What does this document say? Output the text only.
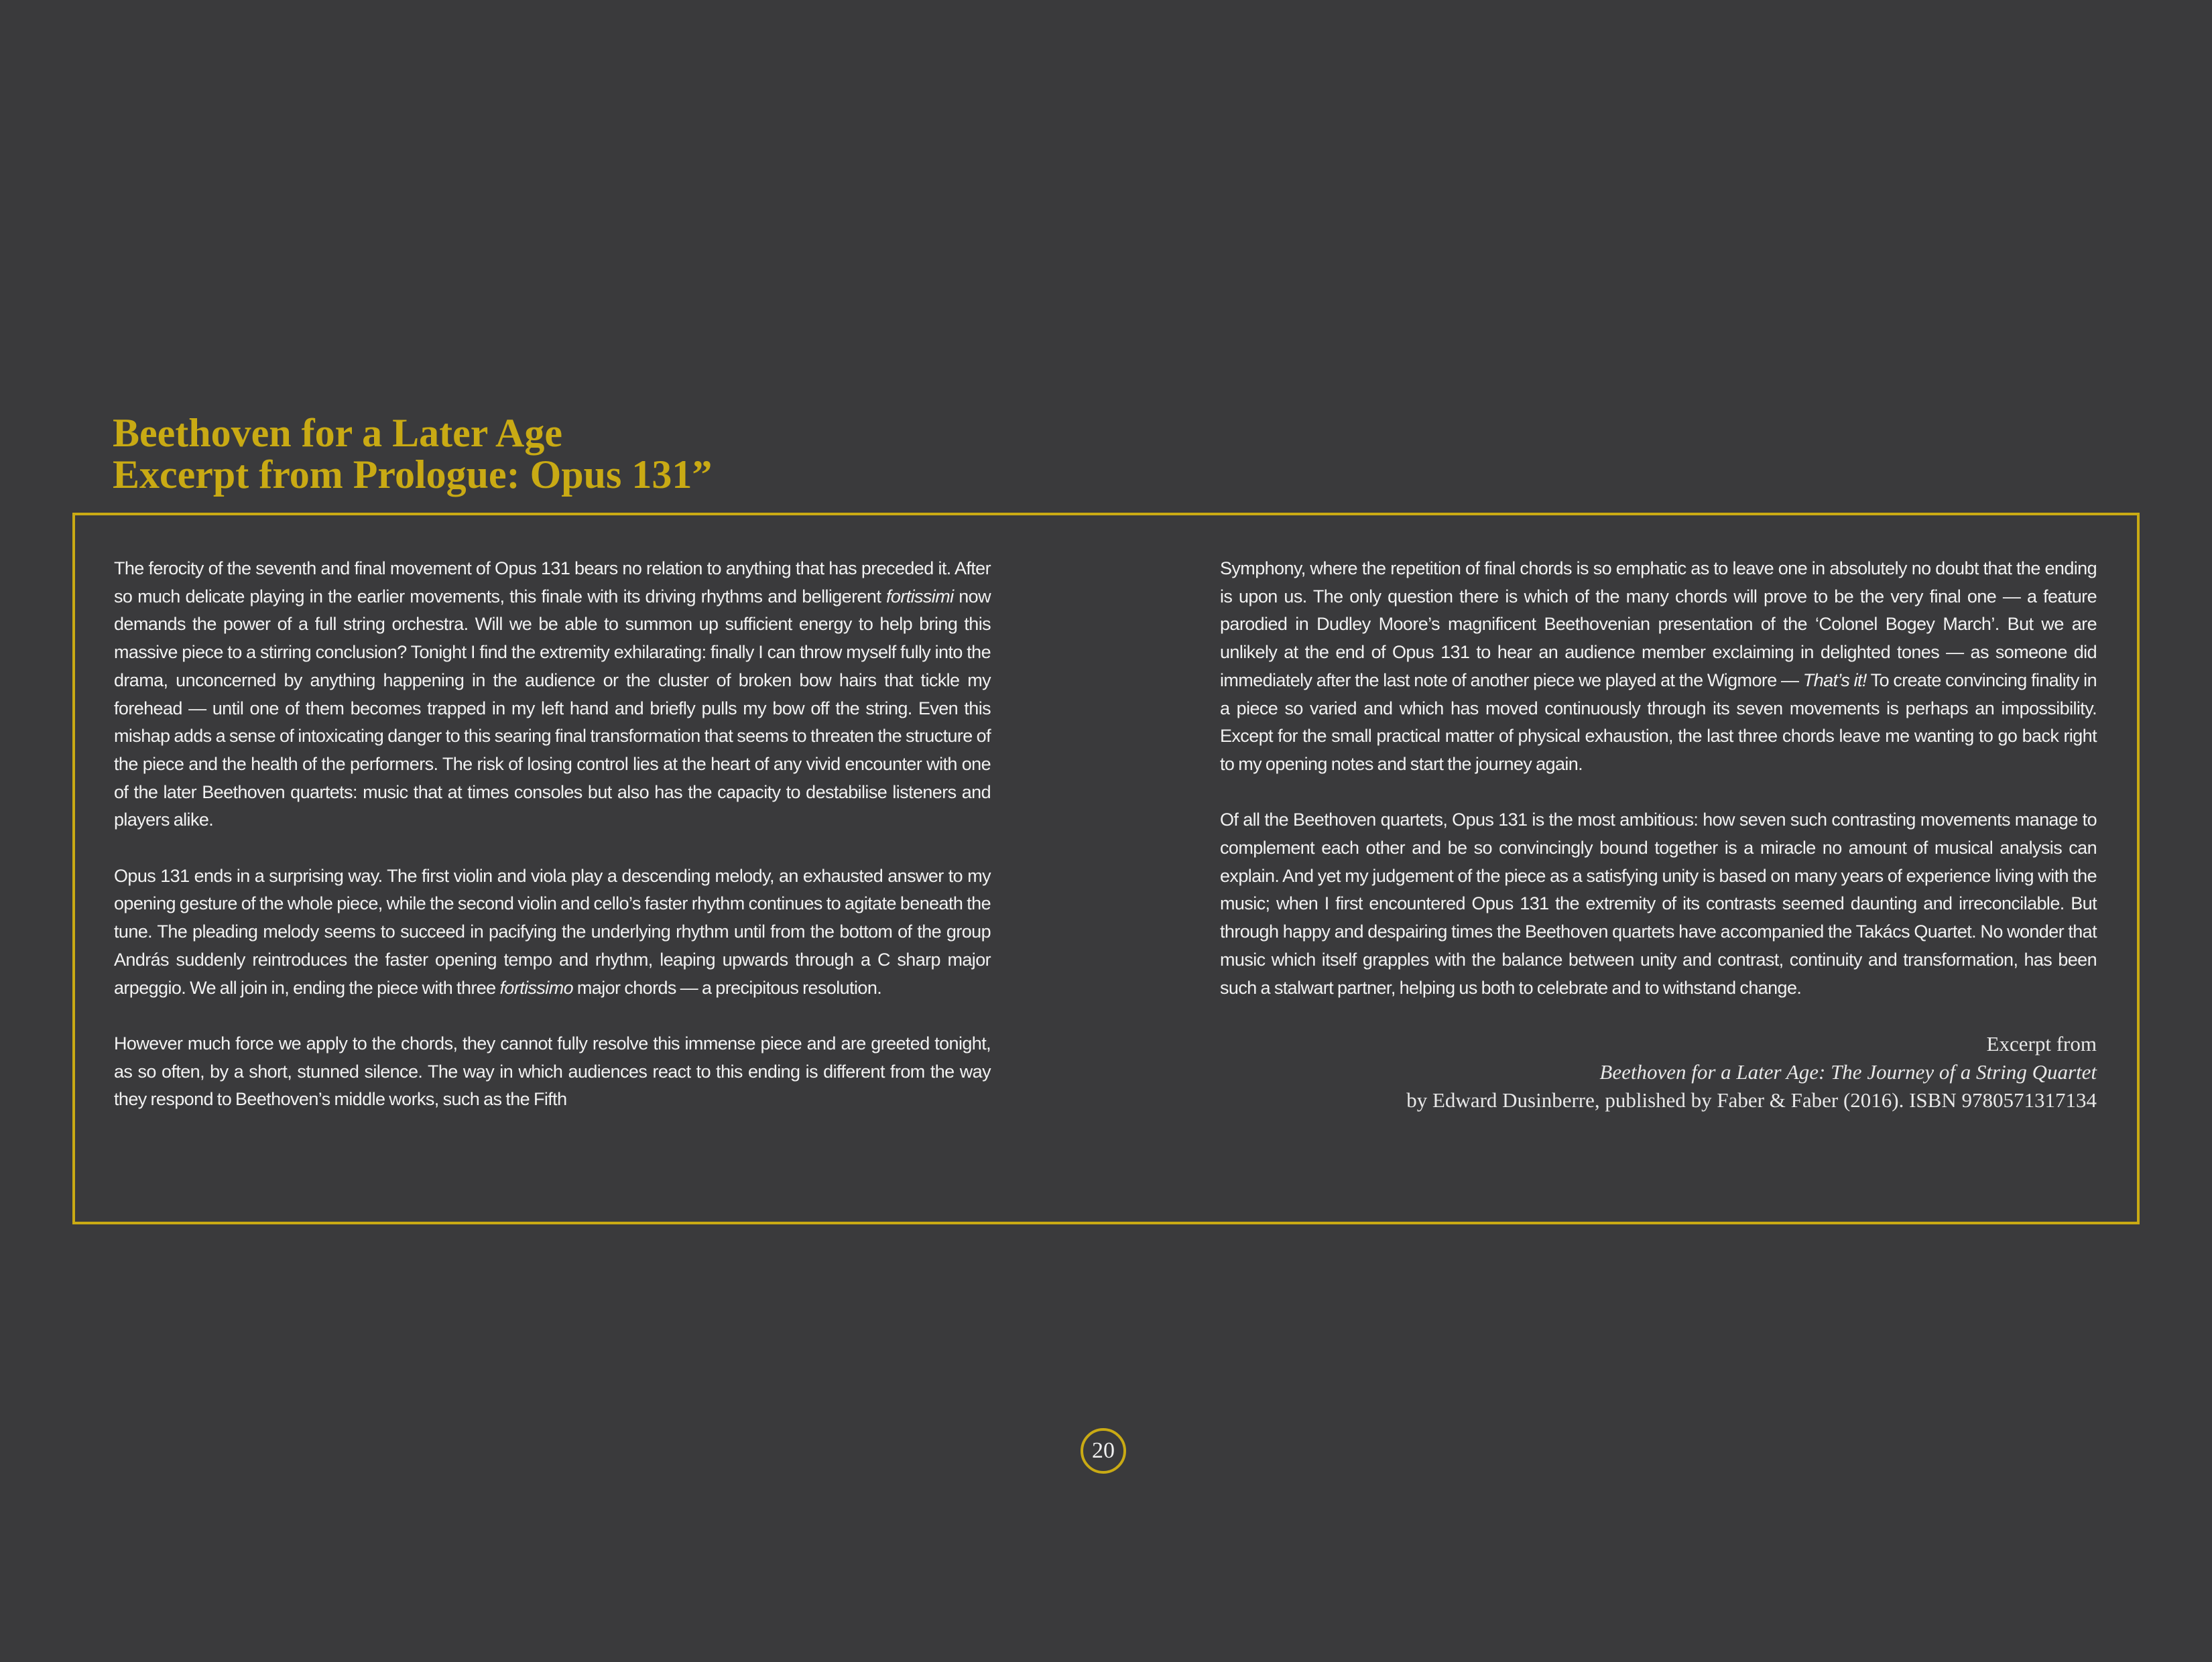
Beethoven for a Later Age
Excerpt from Prologue: Opus 131”

The ferocity of the seventh and final movement of Opus 131 bears no relation to anything that has preceded it. After so much delicate playing in the earlier movements, this finale with its driving rhythms and belligerent fortissimi now demands the power of a full string orchestra. Will we be able to summon up sufficient energy to help bring this massive piece to a stirring conclusion? Tonight I find the extremity exhilarating: finally I can throw myself fully into the drama, unconcerned by anything happening in the audience or the cluster of broken bow hairs that tickle my forehead — until one of them becomes trapped in my left hand and briefly pulls my bow off the string. Even this mishap adds a sense of intoxicating danger to this searing final transformation that seems to threaten the structure of the piece and the health of the performers. The risk of losing control lies at the heart of any vivid encounter with one of the later Beethoven quartets: music that at times consoles but also has the capacity to destabilise listeners and players alike.

Opus 131 ends in a surprising way. The first violin and viola play a descending melody, an exhausted answer to my opening gesture of the whole piece, while the second violin and cello’s faster rhythm continues to agitate beneath the tune. The pleading melody seems to succeed in pacifying the underlying rhythm until from the bottom of the group András suddenly reintroduces the faster opening tempo and rhythm, leaping upwards through a C sharp major arpeggio. We all join in, ending the piece with three fortissimo major chords — a precipitous resolution.

However much force we apply to the chords, they cannot fully resolve this immense piece and are greeted tonight, as so often, by a short, stunned silence. The way in which audiences react to this ending is different from the way they respond to Beethoven’s middle works, such as the Fifth

Symphony, where the repetition of final chords is so emphatic as to leave one in absolutely no doubt that the ending is upon us. The only question there is which of the many chords will prove to be the very final one — a feature parodied in Dudley Moore’s magnificent Beethovenian presentation of the ‘Colonel Bogey March’. But we are unlikely at the end of Opus 131 to hear an audience member exclaiming in delighted tones — as someone did immediately after the last note of another piece we played at the Wigmore — That’s it! To create convincing finality in a piece so varied and which has moved continuously through its seven movements is perhaps an impossibility. Except for the small practical matter of physical exhaustion, the last three chords leave me wanting to go back right to my opening notes and start the journey again.

Of all the Beethoven quartets, Opus 131 is the most ambitious: how seven such contrasting movements manage to complement each other and be so convincingly bound together is a miracle no amount of musical analysis can explain. And yet my judgement of the piece as a satisfying unity is based on many years of experience living with the music; when I first encountered Opus 131 the extremity of its contrasts seemed daunting and irreconcilable. But through happy and despairing times the Beethoven quartets have accompanied the Takács Quartet. No wonder that music which itself grapples with the balance between unity and contrast, continuity and transformation, has been such a stalwart partner, helping us both to celebrate and to withstand change.

Excerpt from
Beethoven for a Later Age: The Journey of a String Quartet
by Edward Dusinberre, published by Faber & Faber (2016). ISBN 9780571317134
20
